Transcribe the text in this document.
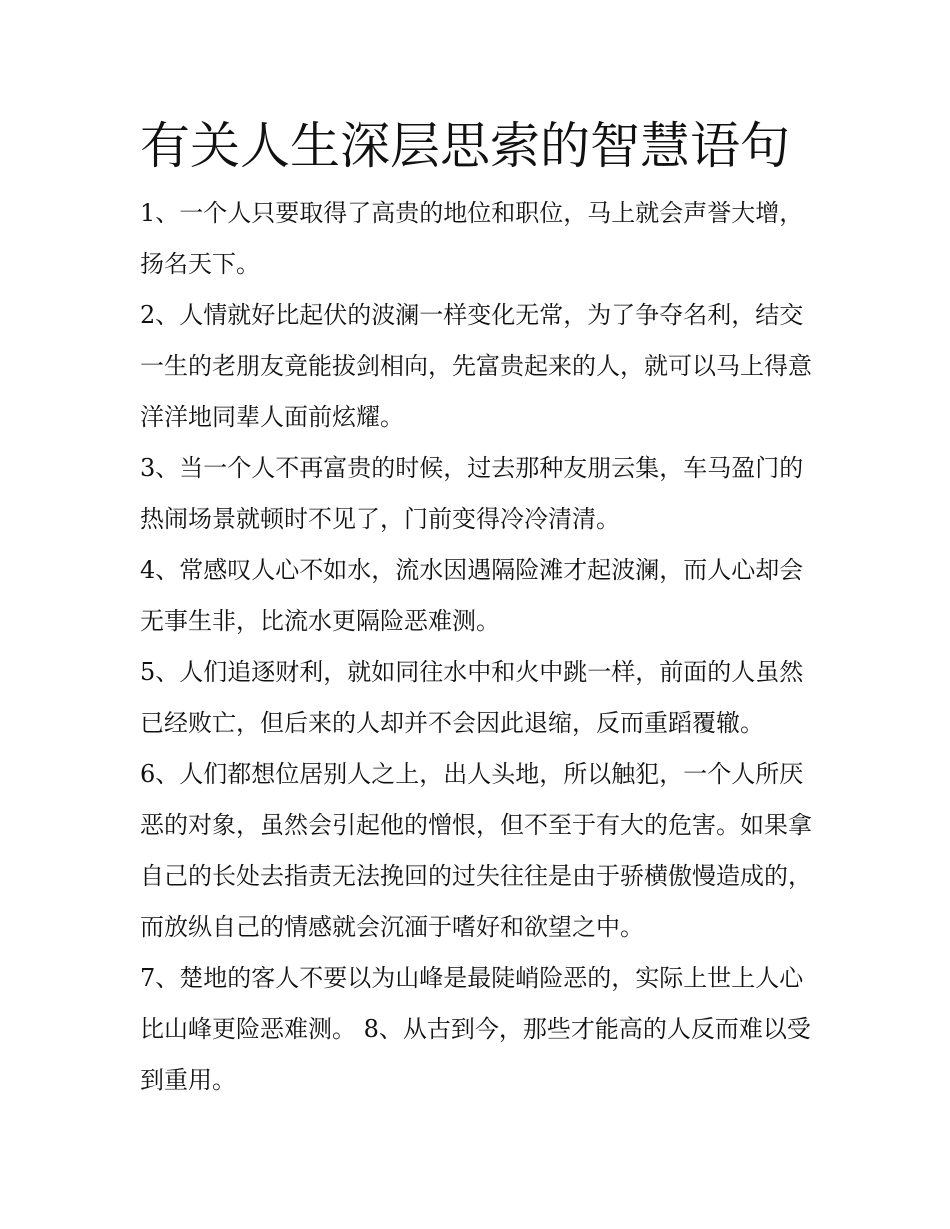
有关人生深层思索的智慧语句

1、一个人只要取得了高贵的地位和职位，马上就会声誉大增，扬名天下。

2、人情就好比起伏的波澜一样变化无常，为了争夺名利，结交一生的老朋友竟能拔剑相向，先富贵起来的人，就可以马上得意洋洋地同辈人面前炫耀。

3、当一个人不再富贵的时候，过去那种友朋云集，车马盈门的热闹场景就顿时不见了，门前变得冷冷清清。

4、常感叹人心不如水，流水因遇隔险滩才起波澜，而人心却会无事生非，比流水更隔险恶难测。

5、人们追逐财利，就如同往水中和火中跳一样，前面的人虽然已经败亡，但后来的人却并不会因此退缩，反而重蹈覆辙。

6、人们都想位居别人之上，出人头地，所以触犯，一个人所厌恶的对象，虽然会引起他的憎恨，但不至于有大的危害。如果拿自己的长处去指责无法挽回的过失往往是由于骄横傲慢造成的，而放纵自己的情感就会沉湎于嗜好和欲望之中。

7、楚地的客人不要以为山峰是最陡峭险恶的，实际上世上人心比山峰更险恶难测。 8、从古到今，那些才能高的人反而难以受到重用。
